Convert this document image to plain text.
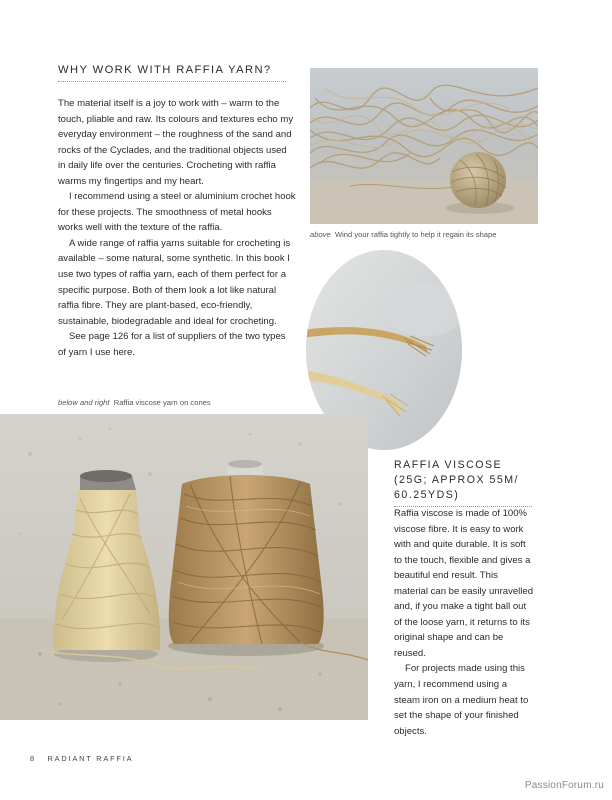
WHY WORK WITH RAFFIA YARN?

The material itself is a joy to work with – warm to the touch, pliable and raw. Its colours and textures echo my everyday environment – the roughness of the sand and rocks of the Cyclades, and the traditional objects used in daily life over the centuries. Crocheting with raffia warms my fingertips and my heart.

I recommend using a steel or aluminium crochet hook for these projects. The smoothness of metal hooks works well with the texture of the raffia.

A wide range of raffia yarns suitable for crocheting is available – some natural, some synthetic. In this book I use two types of raffia yarn, each of them perfect for a specific purpose. Both of them look a lot like natural raffia fibre. They are plant-based, eco-friendly, sustainable, biodegradable and ideal for crocheting.

See page 126 for a list of suppliers of the two types of yarn I use here.

above Wind your raffia tightly to help it regain its shape
below and right Raffia viscose yarn on cones
RAFFIA VISCOSE (25G; APPROX 55M/ 60.25YDS)

Raffia viscose is made of 100% viscose fibre. It is easy to work with and quite durable. It is soft to the touch, flexible and gives a beautiful end result. This material can be easily unravelled and, if you make a tight ball out of the loose yarn, it returns to its original shape and can be reused.

For projects made using this yarn, I recommend using a steam iron on a medium heat to set the shape of your finished objects.

8 RADIANT RAFFIA
PassionForum.ru
